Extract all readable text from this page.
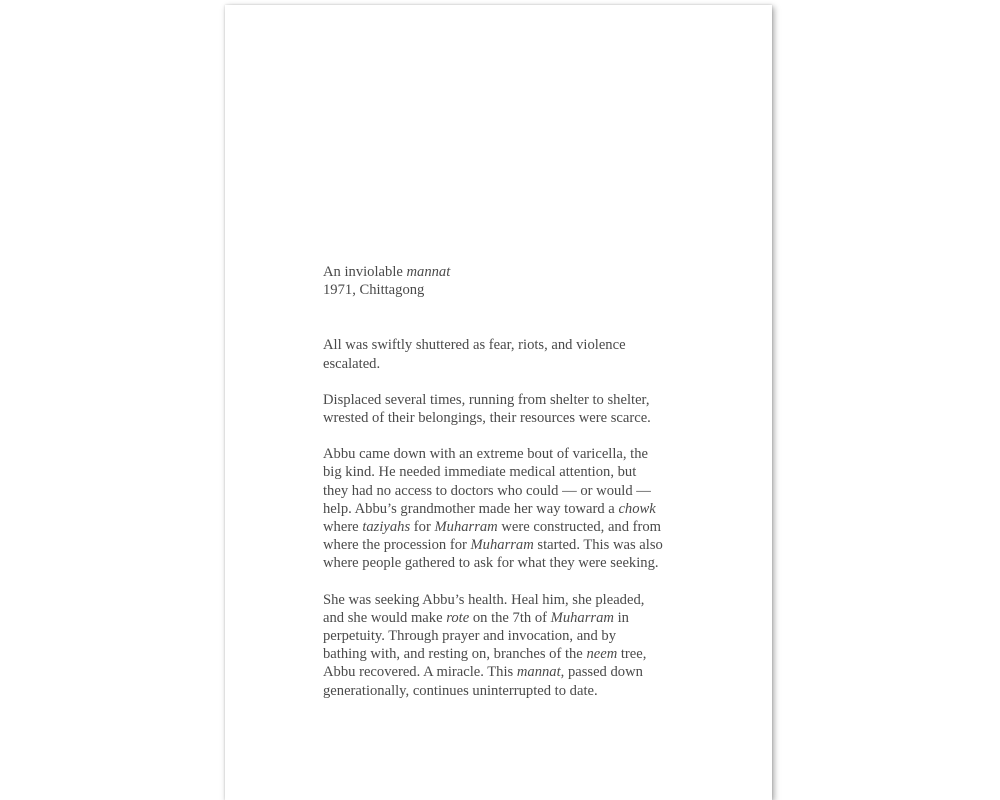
An inviolable mannat
1971, Chittagong
All was swiftly shuttered as fear, riots, and violence
escalated.
Displaced several times, running from shelter to shelter,
wrested of their belongings, their resources were scarce.
Abbu came down with an extreme bout of varicella, the
big kind. He needed immediate medical attention, but
they had no access to doctors who could — or would —
help. Abbu’s grandmother made her way toward a chowk
where taziyahs for Muharram were constructed, and from
where the procession for Muharram started. This was also
where people gathered to ask for what they were seeking.
She was seeking Abbu’s health. Heal him, she pleaded,
and she would make rote on the 7th of Muharram in
perpetuity. Through prayer and invocation, and by
bathing with, and resting on, branches of the neem tree,
Abbu recovered. A miracle. This mannat, passed down
generationally, continues uninterrupted to date.
